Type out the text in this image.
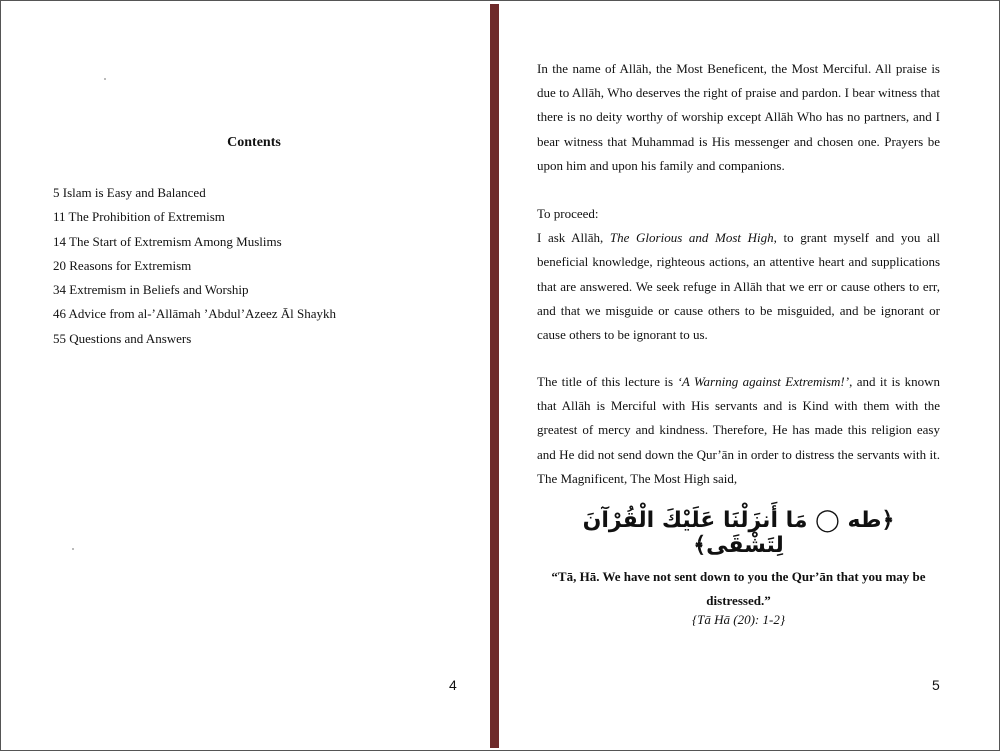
Contents
5 Islam is Easy and Balanced
11 The Prohibition of Extremism
14 The Start of Extremism Among Muslims
20 Reasons for Extremism
34 Extremism in Beliefs and Worship
46 Advice from al-’Allāmah ’Abdul’Azeez Āl Shaykh
55 Questions and Answers
4

In the name of Allāh, the Most Beneficent, the Most Merciful. All praise is due to Allāh, Who deserves the right of praise and pardon. I bear witness that there is no deity worthy of worship except Allāh Who has no partners, and I bear witness that Muhammad is His messenger and chosen one. Prayers be upon him and upon his family and companions.

To proceed:
I ask Allāh, The Glorious and Most High, to grant myself and you all beneficial knowledge, righteous actions, an attentive heart and supplications that are answered. We seek refuge in Allāh that we err or cause others to err, and that we misguide or cause others to be misguided, and be ignorant or cause others to be ignorant to us.

The title of this lecture is ‘A Warning against Extremism!’, and it is known that Allāh is Merciful with His servants and is Kind with them with the greatest of mercy and kindness. Therefore, He has made this religion easy and He did not send down the Qur’ān in order to distress the servants with it. The Magnificent, The Most High said,

﴿طه ◯ مَا أَنزَلْنَا عَلَيْكَ الْقُرْآنَ لِتَشْقَى﴾

“Tā, Hā. We have not sent down to you the Qur’ān that you may be distressed.”

{Tā Hā (20): 1-2}
5
